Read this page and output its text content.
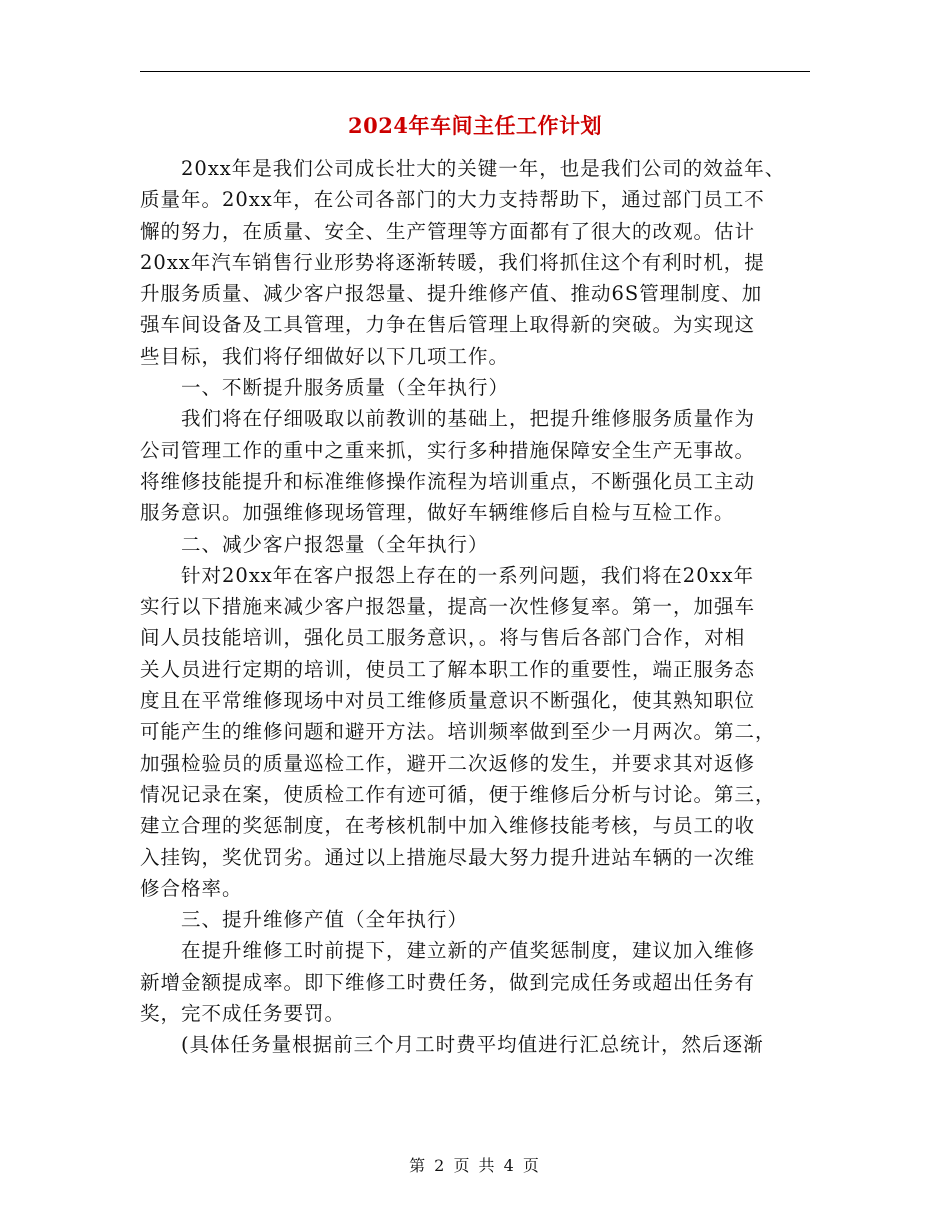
2024年车间主任工作计划
　　20xx年是我们公司成长壮大的关键一年，也是我们公司的效益年、
质量年。20xx年，在公司各部门的大力支持帮助下，通过部门员工不
懈的努力，在质量、安全、生产管理等方面都有了很大的改观。估计
20xx年汽车销售行业形势将逐渐转暖，我们将抓住这个有利时机，提
升服务质量、减少客户报怨量、提升维修产值、推动6S管理制度、加
强车间设备及工具管理，力争在售后管理上取得新的突破。为实现这
些目标，我们将仔细做好以下几项工作。
　　一、不断提升服务质量（全年执行）
　　我们将在仔细吸取以前教训的基础上，把提升维修服务质量作为
公司管理工作的重中之重来抓，实行多种措施保障安全生产无事故。
将维修技能提升和标准维修操作流程为培训重点，不断强化员工主动
服务意识。加强维修现场管理，做好车辆维修后自检与互检工作。
　　二、减少客户报怨量（全年执行）
　　针对20xx年在客户报怨上存在的一系列问题，我们将在20xx年
实行以下措施来减少客户报怨量，提高一次性修复率。第一，加强车
间人员技能培训，强化员工服务意识，。将与售后各部门合作，对相
关人员进行定期的培训，使员工了解本职工作的重要性，端正服务态
度且在平常维修现场中对员工维修质量意识不断强化，使其熟知职位
可能产生的维修问题和避开方法。培训频率做到至少一月两次。第二，
加强检验员的质量巡检工作，避开二次返修的发生，并要求其对返修
情况记录在案，使质检工作有迹可循，便于维修后分析与讨论。第三，
建立合理的奖惩制度，在考核机制中加入维修技能考核，与员工的收
入挂钩，奖优罚劣。通过以上措施尽最大努力提升进站车辆的一次维
修合格率。
　　三、提升维修产值（全年执行）
　　在提升维修工时前提下，建立新的产值奖惩制度，建议加入维修
新增金额提成率。即下维修工时费任务，做到完成任务或超出任务有
奖，完不成任务要罚。
　　(具体任务量根据前三个月工时费平均值进行汇总统计，然后逐渐
第 2 页 共 4 页
